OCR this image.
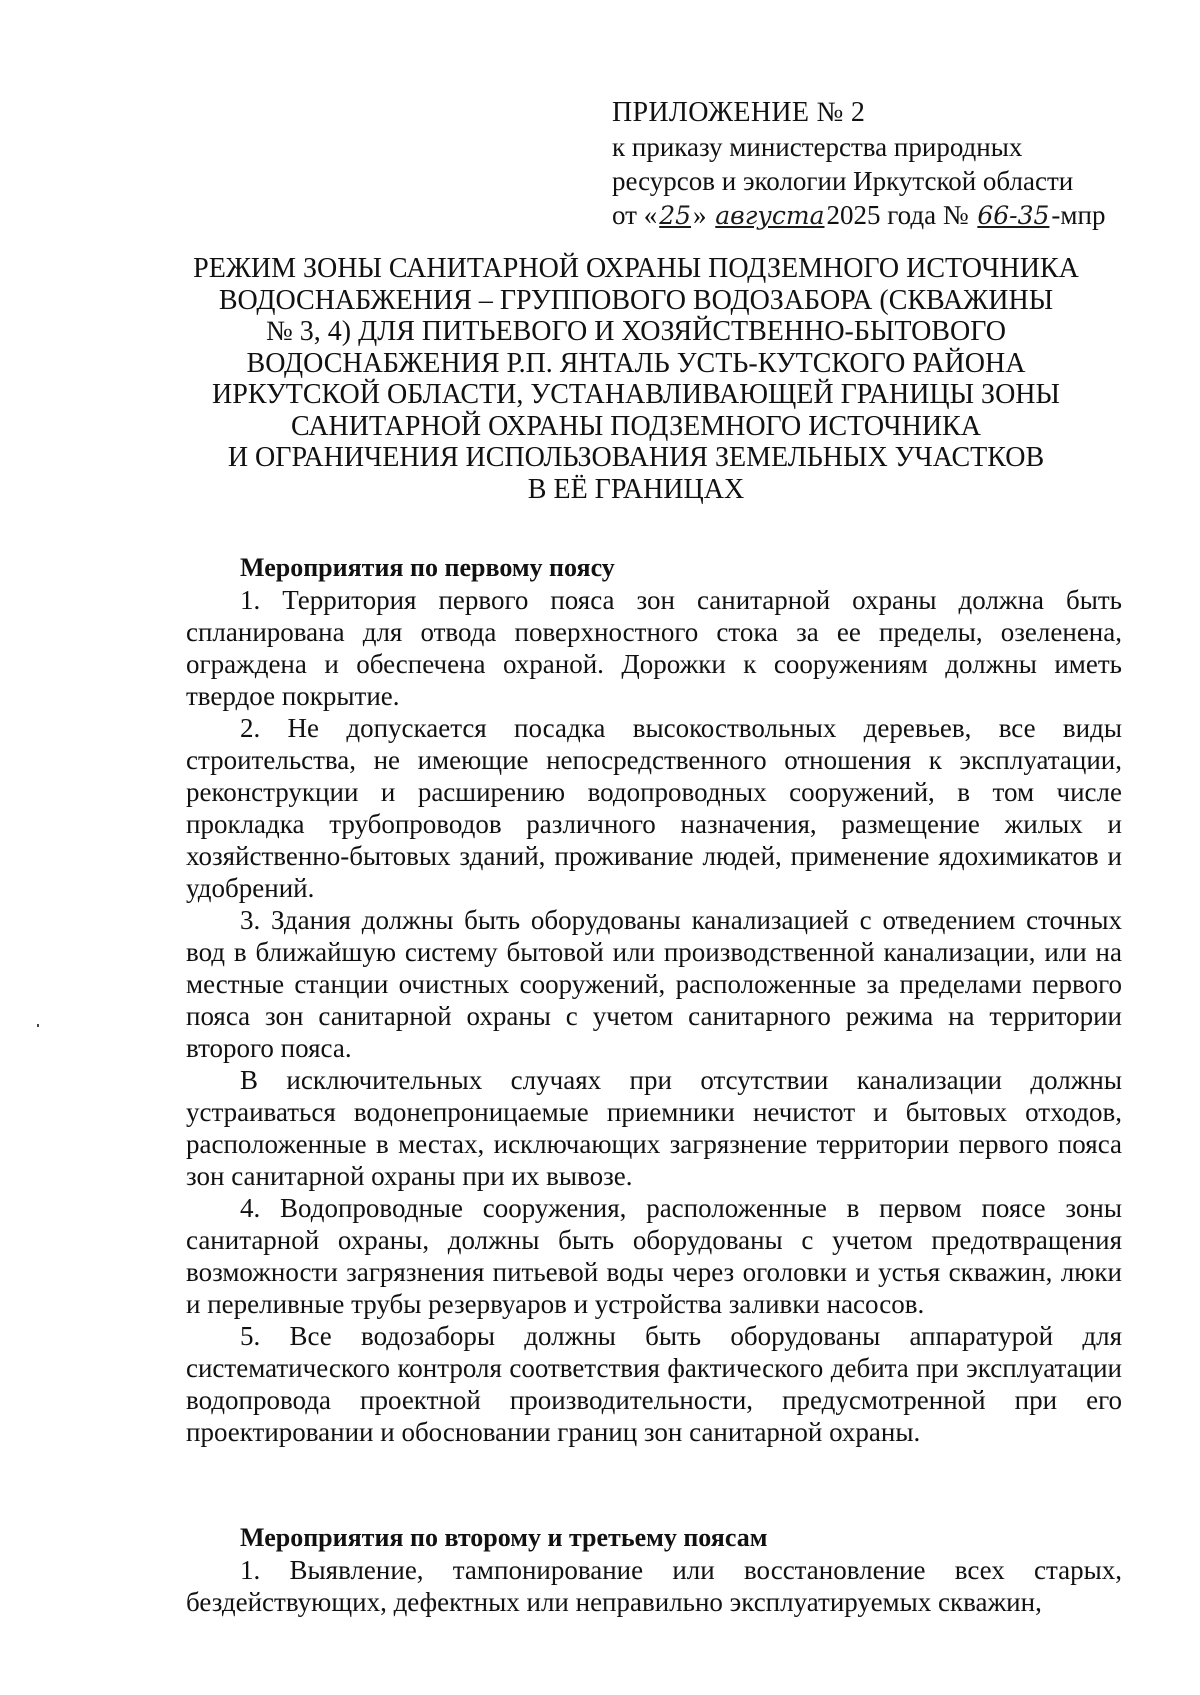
ПРИЛОЖЕНИЕ № 2
к приказу министерства природных
ресурсов и экологии Иркутской области
от «25» августа2025 года № 66-35-мпр
РЕЖИМ ЗОНЫ САНИТАРНОЙ ОХРАНЫ ПОДЗЕМНОГО ИСТОЧНИКА
ВОДОСНАБЖЕНИЯ – ГРУППОВОГО ВОДОЗАБОРА (СКВАЖИНЫ
№ 3, 4) ДЛЯ ПИТЬЕВОГО И ХОЗЯЙСТВЕННО-БЫТОВОГО
ВОДОСНАБЖЕНИЯ Р.П. ЯНТАЛЬ УСТЬ-КУТСКОГО РАЙОНА
ИРКУТСКОЙ ОБЛАСТИ, УСТАНАВЛИВАЮЩЕЙ ГРАНИЦЫ ЗОНЫ
САНИТАРНОЙ ОХРАНЫ ПОДЗЕМНОГО ИСТОЧНИКА
И ОГРАНИЧЕНИЯ ИСПОЛЬЗОВАНИЯ ЗЕМЕЛЬНЫХ УЧАСТКОВ
В ЕЁ ГРАНИЦАХ

Мероприятия по первому поясу

1. Территория первого пояса зон санитарной охраны должна быть спланирована для отвода поверхностного стока за ее пределы, озеленена, ограждена и обеспечена охраной. Дорожки к сооружениям должны иметь твердое покрытие.

2. Не допускается посадка высокоствольных деревьев, все виды строительства, не имеющие непосредственного отношения к эксплуатации, реконструкции и расширению водопроводных сооружений, в том числе прокладка трубопроводов различного назначения, размещение жилых и хозяйственно-бытовых зданий, проживание людей, применение ядохимикатов и удобрений.

3. Здания должны быть оборудованы канализацией с отведением сточных вод в ближайшую систему бытовой или производственной канализации, или на местные станции очистных сооружений, расположенные за пределами первого пояса зон санитарной охраны с учетом санитарного режима на территории второго пояса.

В исключительных случаях при отсутствии канализации должны устраиваться водонепроницаемые приемники нечистот и бытовых отходов, расположенные в местах, исключающих загрязнение территории первого пояса зон санитарной охраны при их вывозе.

4. Водопроводные сооружения, расположенные в первом поясе зоны санитарной охраны, должны быть оборудованы с учетом предотвращения возможности загрязнения питьевой воды через оголовки и устья скважин, люки и переливные трубы резервуаров и устройства заливки насосов.

5. Все водозаборы должны быть оборудованы аппаратурой для систематического контроля соответствия фактического дебита при эксплуатации водопровода проектной производительности, предусмотренной при его проектировании и обосновании границ зон санитарной охраны.

Мероприятия по второму и третьему поясам

1. Выявление, тампонирование или восстановление всех старых, бездействующих, дефектных или неправильно эксплуатируемых скважин,
